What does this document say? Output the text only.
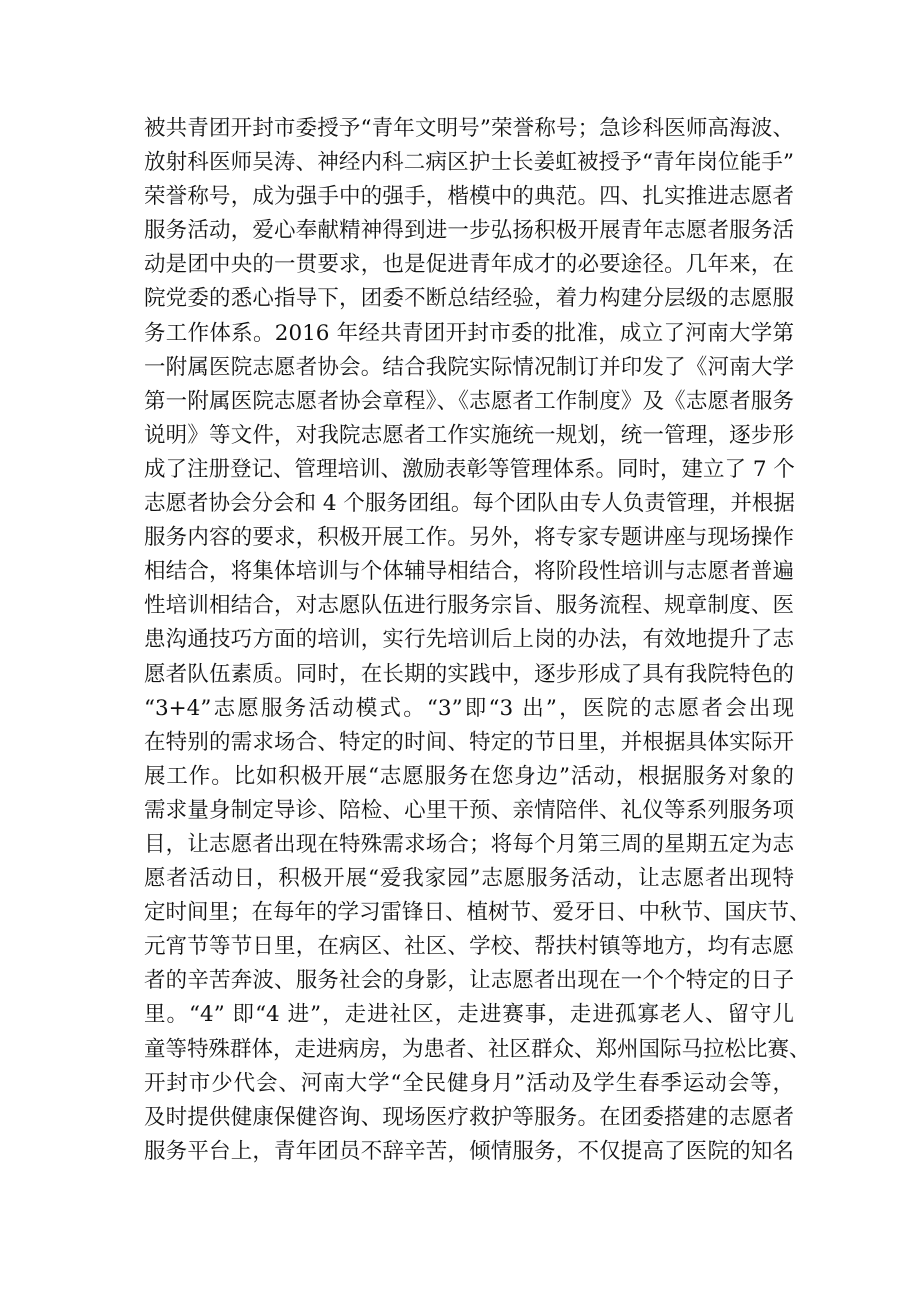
被共青团开封市委授予“青年文明号”荣誉称号；急诊科医师高海波、
放射科医师吴涛、神经内科二病区护士长姜虹被授予“青年岗位能手”
荣誉称号，成为强手中的强手，楷模中的典范。四、扎实推进志愿者
服务活动，爱心奉献精神得到进一步弘扬积极开展青年志愿者服务活
动是团中央的一贯要求，也是促进青年成才的必要途径。几年来，在
院党委的悉心指导下，团委不断总结经验，着力构建分层级的志愿服
务工作体系。2016 年经共青团开封市委的批准，成立了河南大学第
一附属医院志愿者协会。结合我院实际情况制订并印发了《河南大学
第一附属医院志愿者协会章程》、《志愿者工作制度》及《志愿者服务
说明》等文件，对我院志愿者工作实施统一规划，统一管理，逐步形
成了注册登记、管理培训、激励表彰等管理体系。同时，建立了 7 个
志愿者协会分会和 4 个服务团组。每个团队由专人负责管理，并根据
服务内容的要求，积极开展工作。另外，将专家专题讲座与现场操作
相结合，将集体培训与个体辅导相结合，将阶段性培训与志愿者普遍
性培训相结合，对志愿队伍进行服务宗旨、服务流程、规章制度、医
患沟通技巧方面的培训，实行先培训后上岗的办法，有效地提升了志
愿者队伍素质。同时，在长期的实践中，逐步形成了具有我院特色的
“3+4”志愿服务活动模式。“3”即“3 出”，医院的志愿者会出现
在特别的需求场合、特定的时间、特定的节日里，并根据具体实际开
展工作。比如积极开展“志愿服务在您身边”活动，根据服务对象的
需求量身制定导诊、陪检、心里干预、亲情陪伴、礼仪等系列服务项
目，让志愿者出现在特殊需求场合；将每个月第三周的星期五定为志
愿者活动日，积极开展“爱我家园”志愿服务活动，让志愿者出现特
定时间里；在每年的学习雷锋日、植树节、爱牙日、中秋节、国庆节、
元宵节等节日里，在病区、社区、学校、帮扶村镇等地方，均有志愿
者的辛苦奔波、服务社会的身影，让志愿者出现在一个个特定的日子
里。“4” 即“4 进”，走进社区，走进赛事，走进孤寡老人、留守儿
童等特殊群体，走进病房，为患者、社区群众、郑州国际马拉松比赛、
开封市少代会、河南大学“全民健身月”活动及学生春季运动会等，
及时提供健康保健咨询、现场医疗救护等服务。在团委搭建的志愿者
服务平台上，青年团员不辞辛苦，倾情服务，不仅提高了医院的知名
